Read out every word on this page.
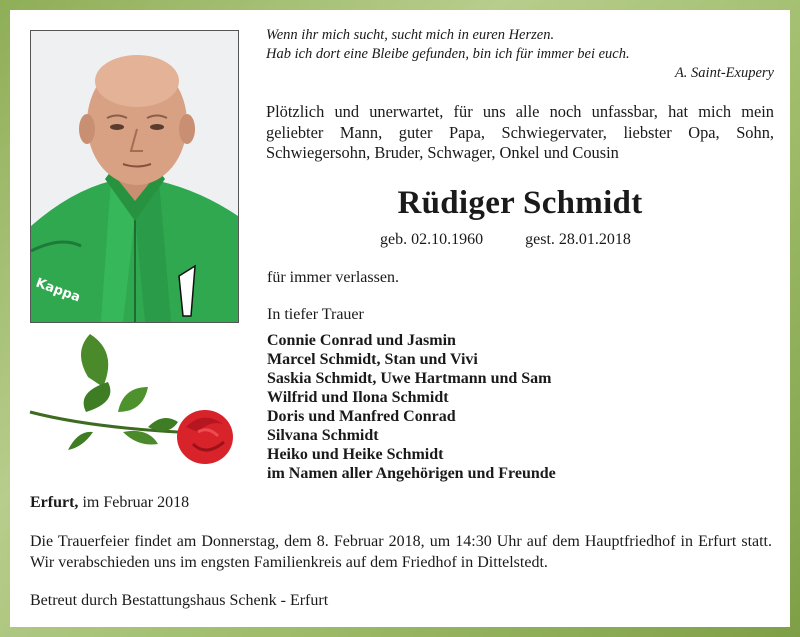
Kappa
Wenn ihr mich sucht, sucht mich in euren Herzen.
Hab ich dort eine Bleibe gefunden, bin ich für immer bei euch.
A. Saint-Exupery
Plötzlich und unerwartet, für uns alle noch unfassbar, hat mich mein geliebter Mann, guter Papa, Schwiegervater, liebster Opa, Sohn, Schwiegersohn, Bruder, Schwager, Onkel und Cousin
Rüdiger Schmidt
geb. 02.10.1960	gest. 28.01.2018
für immer verlassen.
In tiefer Trauer
Connie Conrad und Jasmin
Marcel Schmidt, Stan und Vivi
Saskia Schmidt, Uwe Hartmann und Sam
Wilfrid und Ilona Schmidt
Doris und Manfred Conrad
Silvana Schmidt
Heiko und Heike Schmidt
im Namen aller Angehörigen und Freunde
Erfurt, im Februar 2018
Die Trauerfeier findet am Donnerstag, dem 8. Februar 2018, um 14:30 Uhr auf dem Hauptfriedhof in Erfurt statt. Wir verabschieden uns im engsten Familienkreis auf dem Friedhof in Dittelstedt.
Betreut durch Bestattungshaus Schenk - Erfurt
